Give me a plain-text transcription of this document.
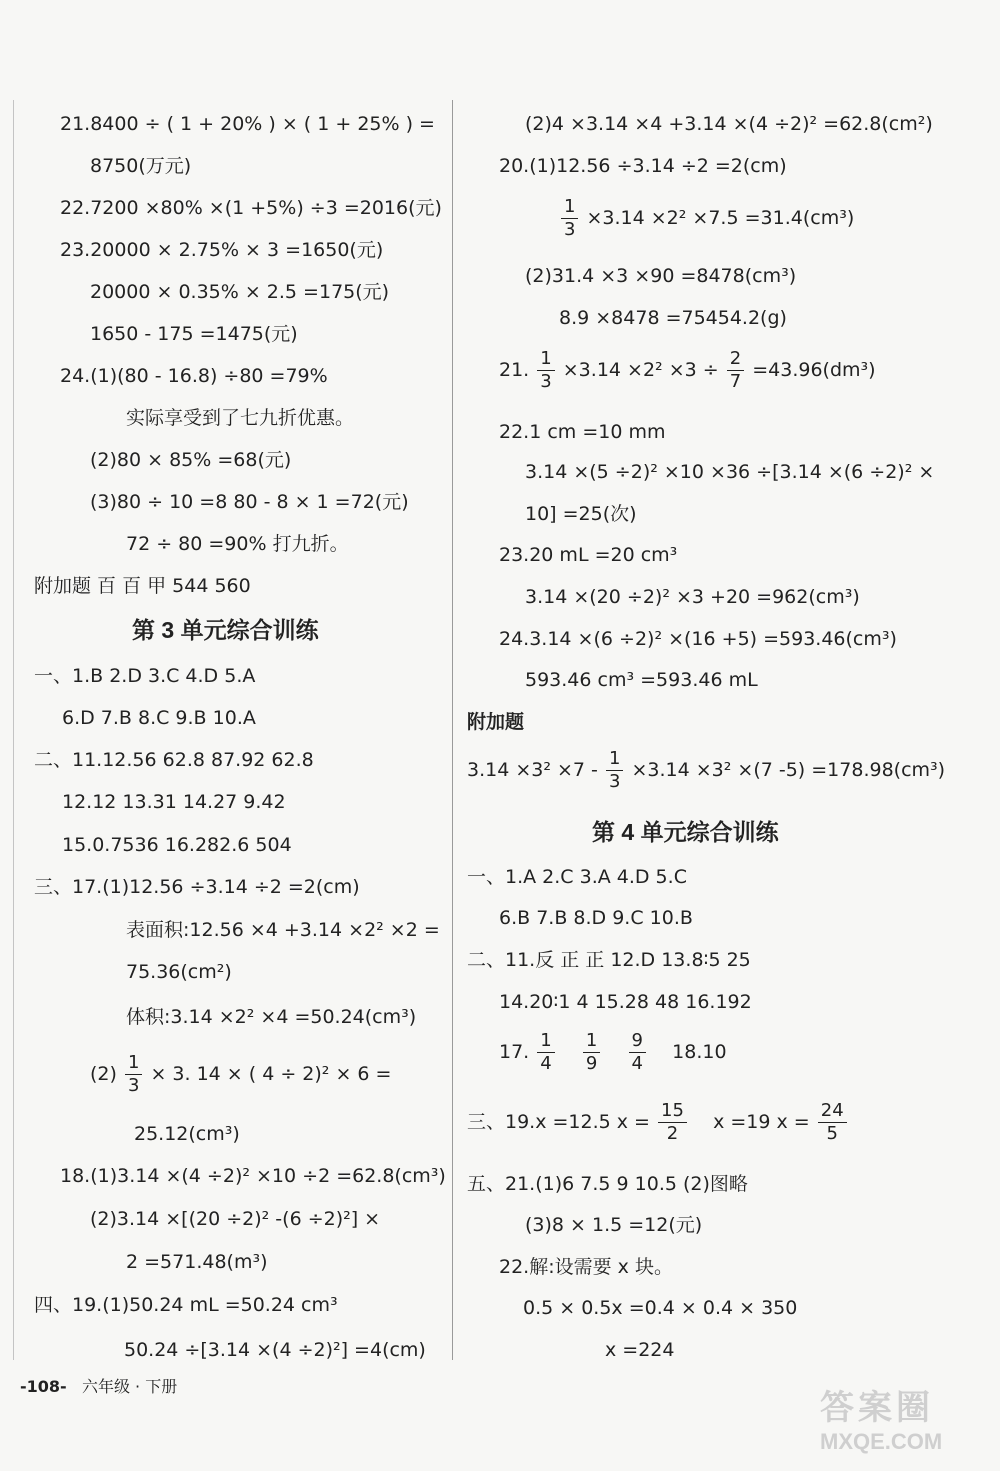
21.8400 ÷ ( 1 + 20% ) × ( 1 + 25% ) =
8750(万元)
22.7200 ×80% ×(1 +5%) ÷3 =2016(元)
23.20000 × 2.75% × 3 =1650(元)
20000 × 0.35% × 2.5 =175(元)
1650 - 175 =1475(元)
24.(1)(80 - 16.8) ÷80 =79%
实际享受到了七九折优惠。
(2)80 × 85% =68(元)
(3)80 ÷ 10 =8 80 - 8 × 1 =72(元)
72 ÷ 80 =90% 打九折。
附加题 百 百 甲 544 560
第 3 单元综合训练
一、1.B 2.D 3.C 4.D 5.A
6.D 7.B 8.C 9.B 10.A
二、11.12.56 62.8 87.92 62.8
12.12 13.31 14.27 9.42
15.0.7536 16.282.6 504
三、17.(1)12.56 ÷3.14 ÷2 =2(cm)
表面积:12.56 ×4 +3.14 ×2² ×2 =
75.36(cm²)
体积:3.14 ×2² ×4 =50.24(cm³)
$(2) \frac{1}{3} \times 3$. 14 × ( 4 ÷ 2)² × 6 =
25.12(cm³)
18.(1)3.14 ×(4 ÷2)² ×10 ÷2 =62.8(cm³)
(2)3.14 ×[(20 ÷2)² -(6 ÷2)²] ×
2 =571.48(m³)
四、19.(1)50.24 mL =50.24 cm³
50.24 ÷[3.14 ×(4 ÷2)²] =4(cm)
(2)4 ×3.14 ×4 +3.14 ×(4 ÷2)² =62.8(cm²)
20.(1)12.56 ÷3.14 ÷2 =2(cm)
$\frac{1}{3} \times 3.14 \times 2^2 \times 7.5 =31.4(cm^3)$
(2)31.4 ×3 ×90 =8478(cm³)
8.9 ×8478 =75454.2(g)
21. $\frac{1}{3} \times 3.14 \times 2^2 \times 3 \div \frac{2}{7} =43.96(dm^3)$
22.1 cm =10 mm
3.14 ×(5 ÷2)² ×10 ×36 ÷[3.14 ×(6 ÷2)² ×
10] =25(次)
23.20 mL =20 cm³
3.14 ×(20 ÷2)² ×3 +20 =962(cm³)
24.3.14 ×(6 ÷2)² ×(16 +5) =593.46(cm³)
593.46 cm³ =593.46 mL
附加题
$3.14 \times 3^2 \times 7 - \frac{1}{3} \times 3.14 \times 3^2 \times(7$ -5) =178.98(cm³)
第 4 单元综合训练
一、1.A 2.C 3.A 4.D 5.C
6.B 7.B 8.D 9.C 10.B
二、11.反 正 正 12.D 13.8∶5 25
14.20∶1 4 15.28 48 16.192
17. $\frac{1}{4}$
$\frac{1}{9}$
$\frac{9}{4} 18.10$
三、19.x =12.5 $x = \frac{15}{2}$ x =19 $x = \frac{24}{5}$
五、21.(1)6 7.5 9 10.5 (2)图略
(3)8 × 1.5 =12(元)
22.解:设需要 x 块。
0.5 × 0.5x =0.4 × 0.4 × 350
x =224
-108- 六年级 · 下册
答案圈
MXQE.COM
